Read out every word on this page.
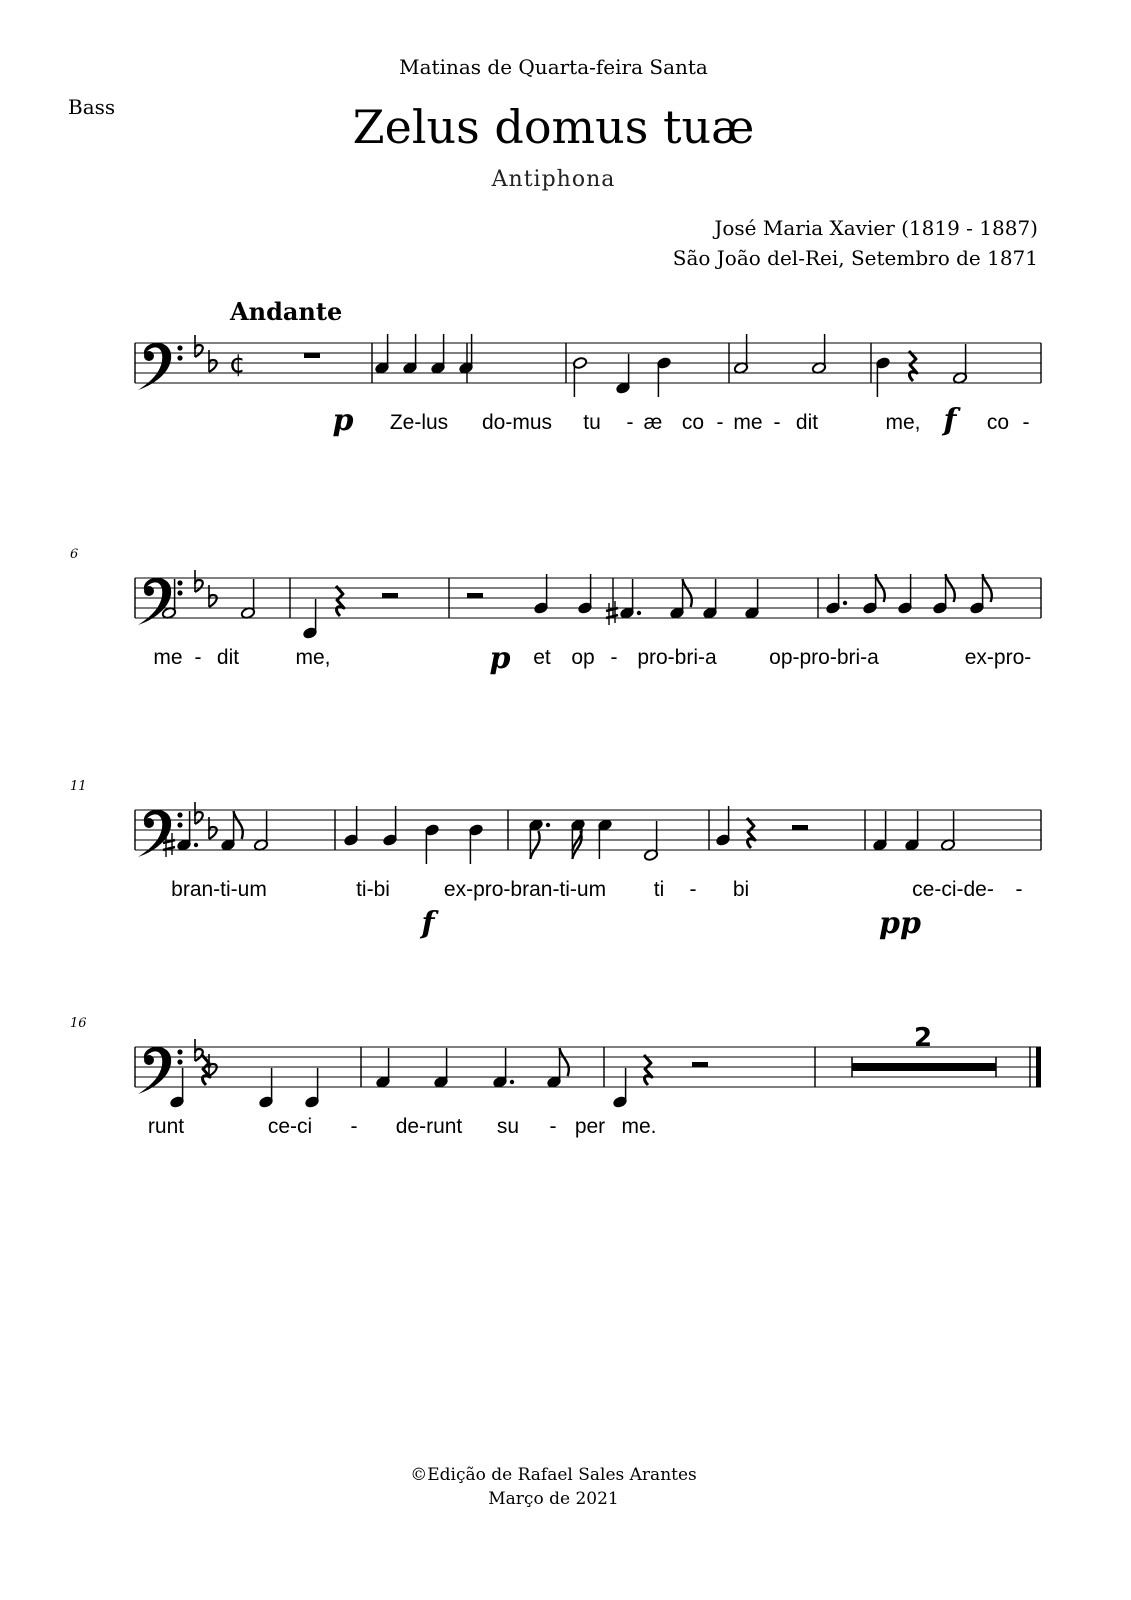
Bass
Matinas de Quarta-feira Santa
Zelus domus tuæ
Antiphona
José Maria Xavier (1819 - 1887)
São João del-Rei, Setembro de 1871
Andante
¢
Ze-lus do-mus tu - æ co - me - dit	me,	co -
p	f
6
me - dit	me,	et op - pro-bri-a op-pro-bri-a	ex-pro-
p
11
bran-ti-um	ti-bi	ex-pro-bran-ti-um ti - bi	ce-ci-de- -
f	pp
16
runt	ce-ci - de-runt su - per me.
2
©Edição de Rafael Sales Arantes
Março de 2021
